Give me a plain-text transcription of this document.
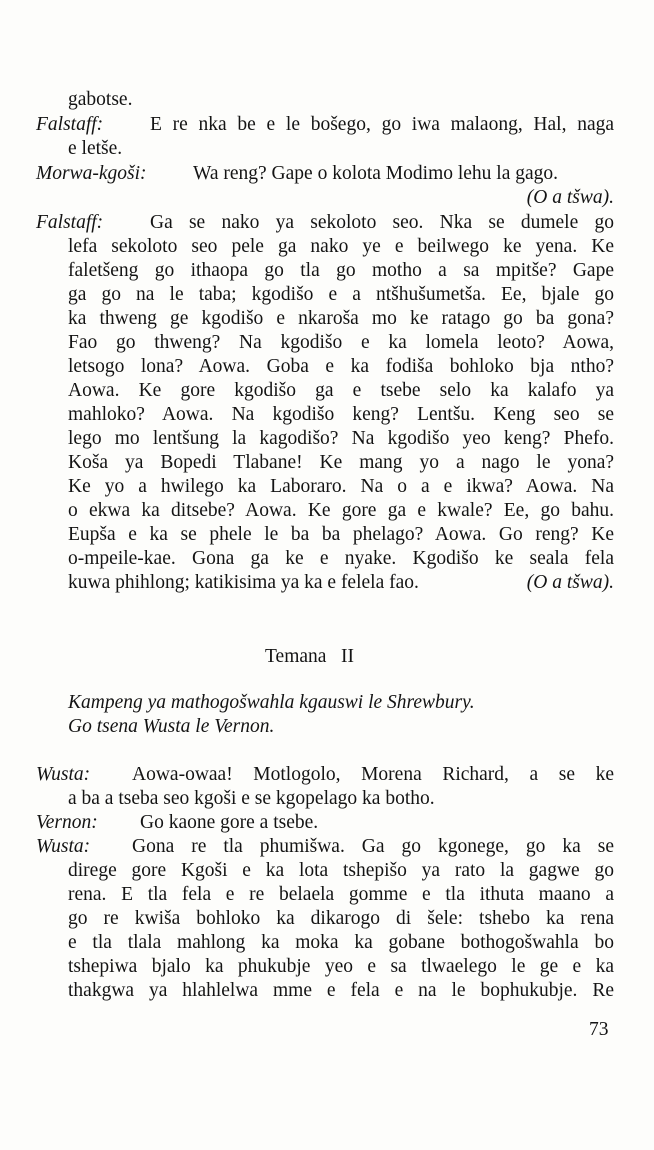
gabotse.
Falstaff: E re nka be e le bošego, go iwa malaong, Hal, naga
e letše.
Morwa-kgoši: Wa reng? Gape o kolota Modimo lehu la gago.
(O a tšwa).
Falstaff: Ga se nako ya sekoloto seo. Nka se dumele go
lefa sekoloto seo pele ga nako ye e beilwego ke yena. Ke
faletšeng go ithaopa go tla go motho a sa mpitše? Gape
ga go na le taba; kgodišo e a ntšhušumetša. Ee, bjale go
ka thweng ge kgodišo e nkaroša mo ke ratago go ba gona?
Fao go thweng? Na kgodišo e ka lomela leoto? Aowa,
letsogo lona? Aowa. Goba e ka fodiša bohloko bja ntho?
Aowa. Ke gore kgodišo ga e tsebe selo ka kalafo ya
mahloko? Aowa. Na kgodišo keng? Lentšu. Keng seo se
lego mo lentšung la kagodišo? Na kgodišo yeo keng? Phefo.
Koša ya Bopedi Tlabane! Ke mang yo a nago le yona?
Ke yo a hwilego ka Laboraro. Na o a e ikwa? Aowa. Na
o ekwa ka ditsebe? Aowa. Ke gore ga e kwale? Ee, go bahu.
Eupša e ka se phele le ba ba phelago? Aowa. Go reng? Ke
o-mpeile-kae. Gona ga ke e nyake. Kgodišo ke seala fela
kuwa phihlong; katikisima ya ka e felela fao.	(O a tšwa).
Temana   II
Kampeng ya mathogošwahla kgauswi le Shrewbury.
Go tsena Wusta le Vernon.
Wusta: Aowa-owaa! Motlogolo, Morena Richard, a se ke
a ba a tseba seo kgoši e se kgopelago ka botho.
Vernon: Go kaone gore a tsebe.
Wusta: Gona re tla phumišwa. Ga go kgonege, go ka se
direge gore Kgoši e ka lota tshepišo ya rato la gagwe go
rena. E tla fela e re belaela gomme e tla ithuta maano a
go re kwiša bohloko ka dikarogo di šele: tshebo ka rena
e tla tlala mahlong ka moka ka gobane bothogošwahla bo
tshepiwa bjalo ka phukubje yeo e sa tlwaelego le ge e ka
thakgwa ya hlahlelwa mme e fela e na le bophukubje. Re
73
